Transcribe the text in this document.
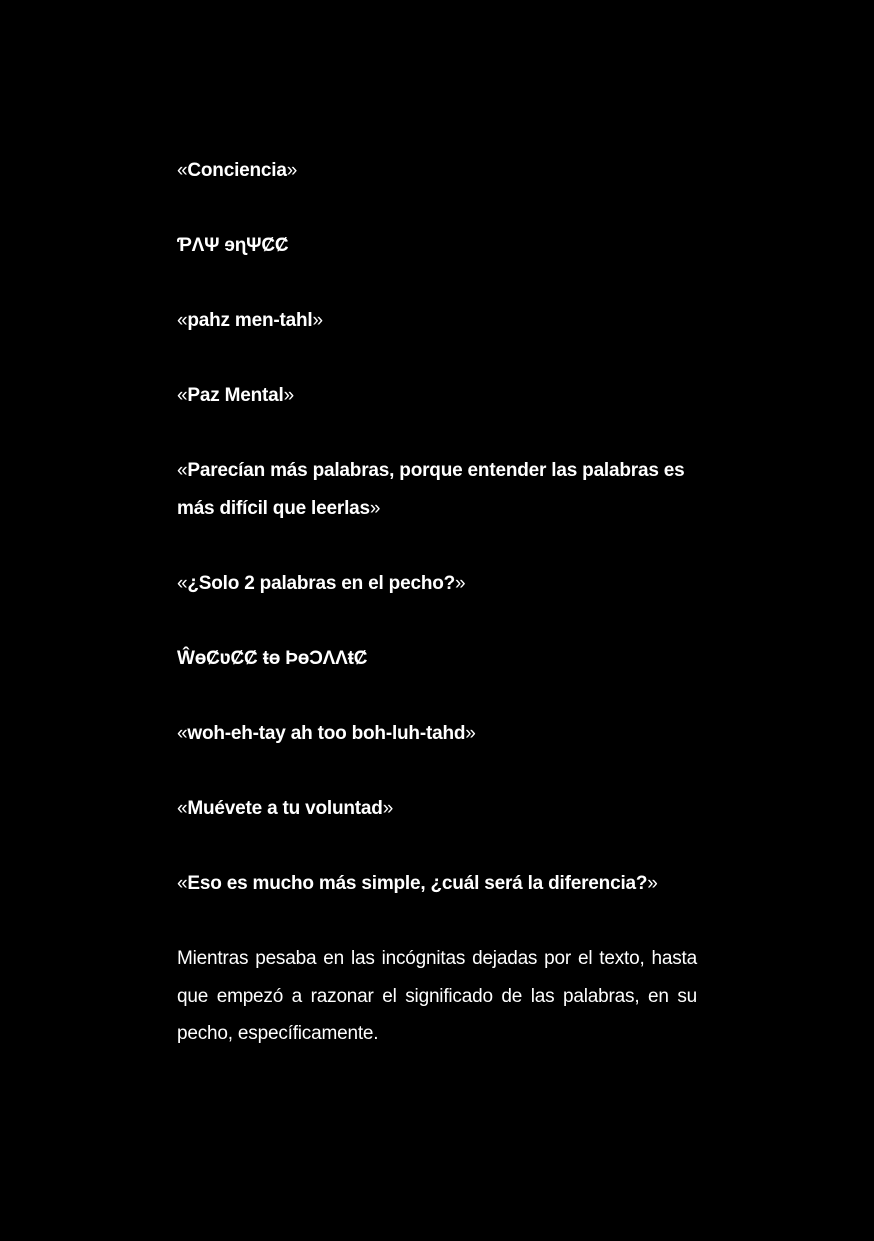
«Conciencia»

ƤɅΨ ɘɳΨȻȻ

«pahz men-tahl»

«Paz Mental»

«Parecían más palabras, porque entender las palabras es más difícil que leerlas»

«¿Solo 2 palabras en el pecho?»

ŴɵȻʋȻȻ ŧɵ ÞɵƆɅɅŧȻ

«woh-eh-tay ah too boh-luh-tahd»

«Muévete a tu voluntad»

«Eso es mucho más simple, ¿cuál será la diferencia?»

Mientras pesaba en las incógnitas dejadas por el texto, hasta que empezó a razonar el significado de las palabras, en su pecho, específicamente.
